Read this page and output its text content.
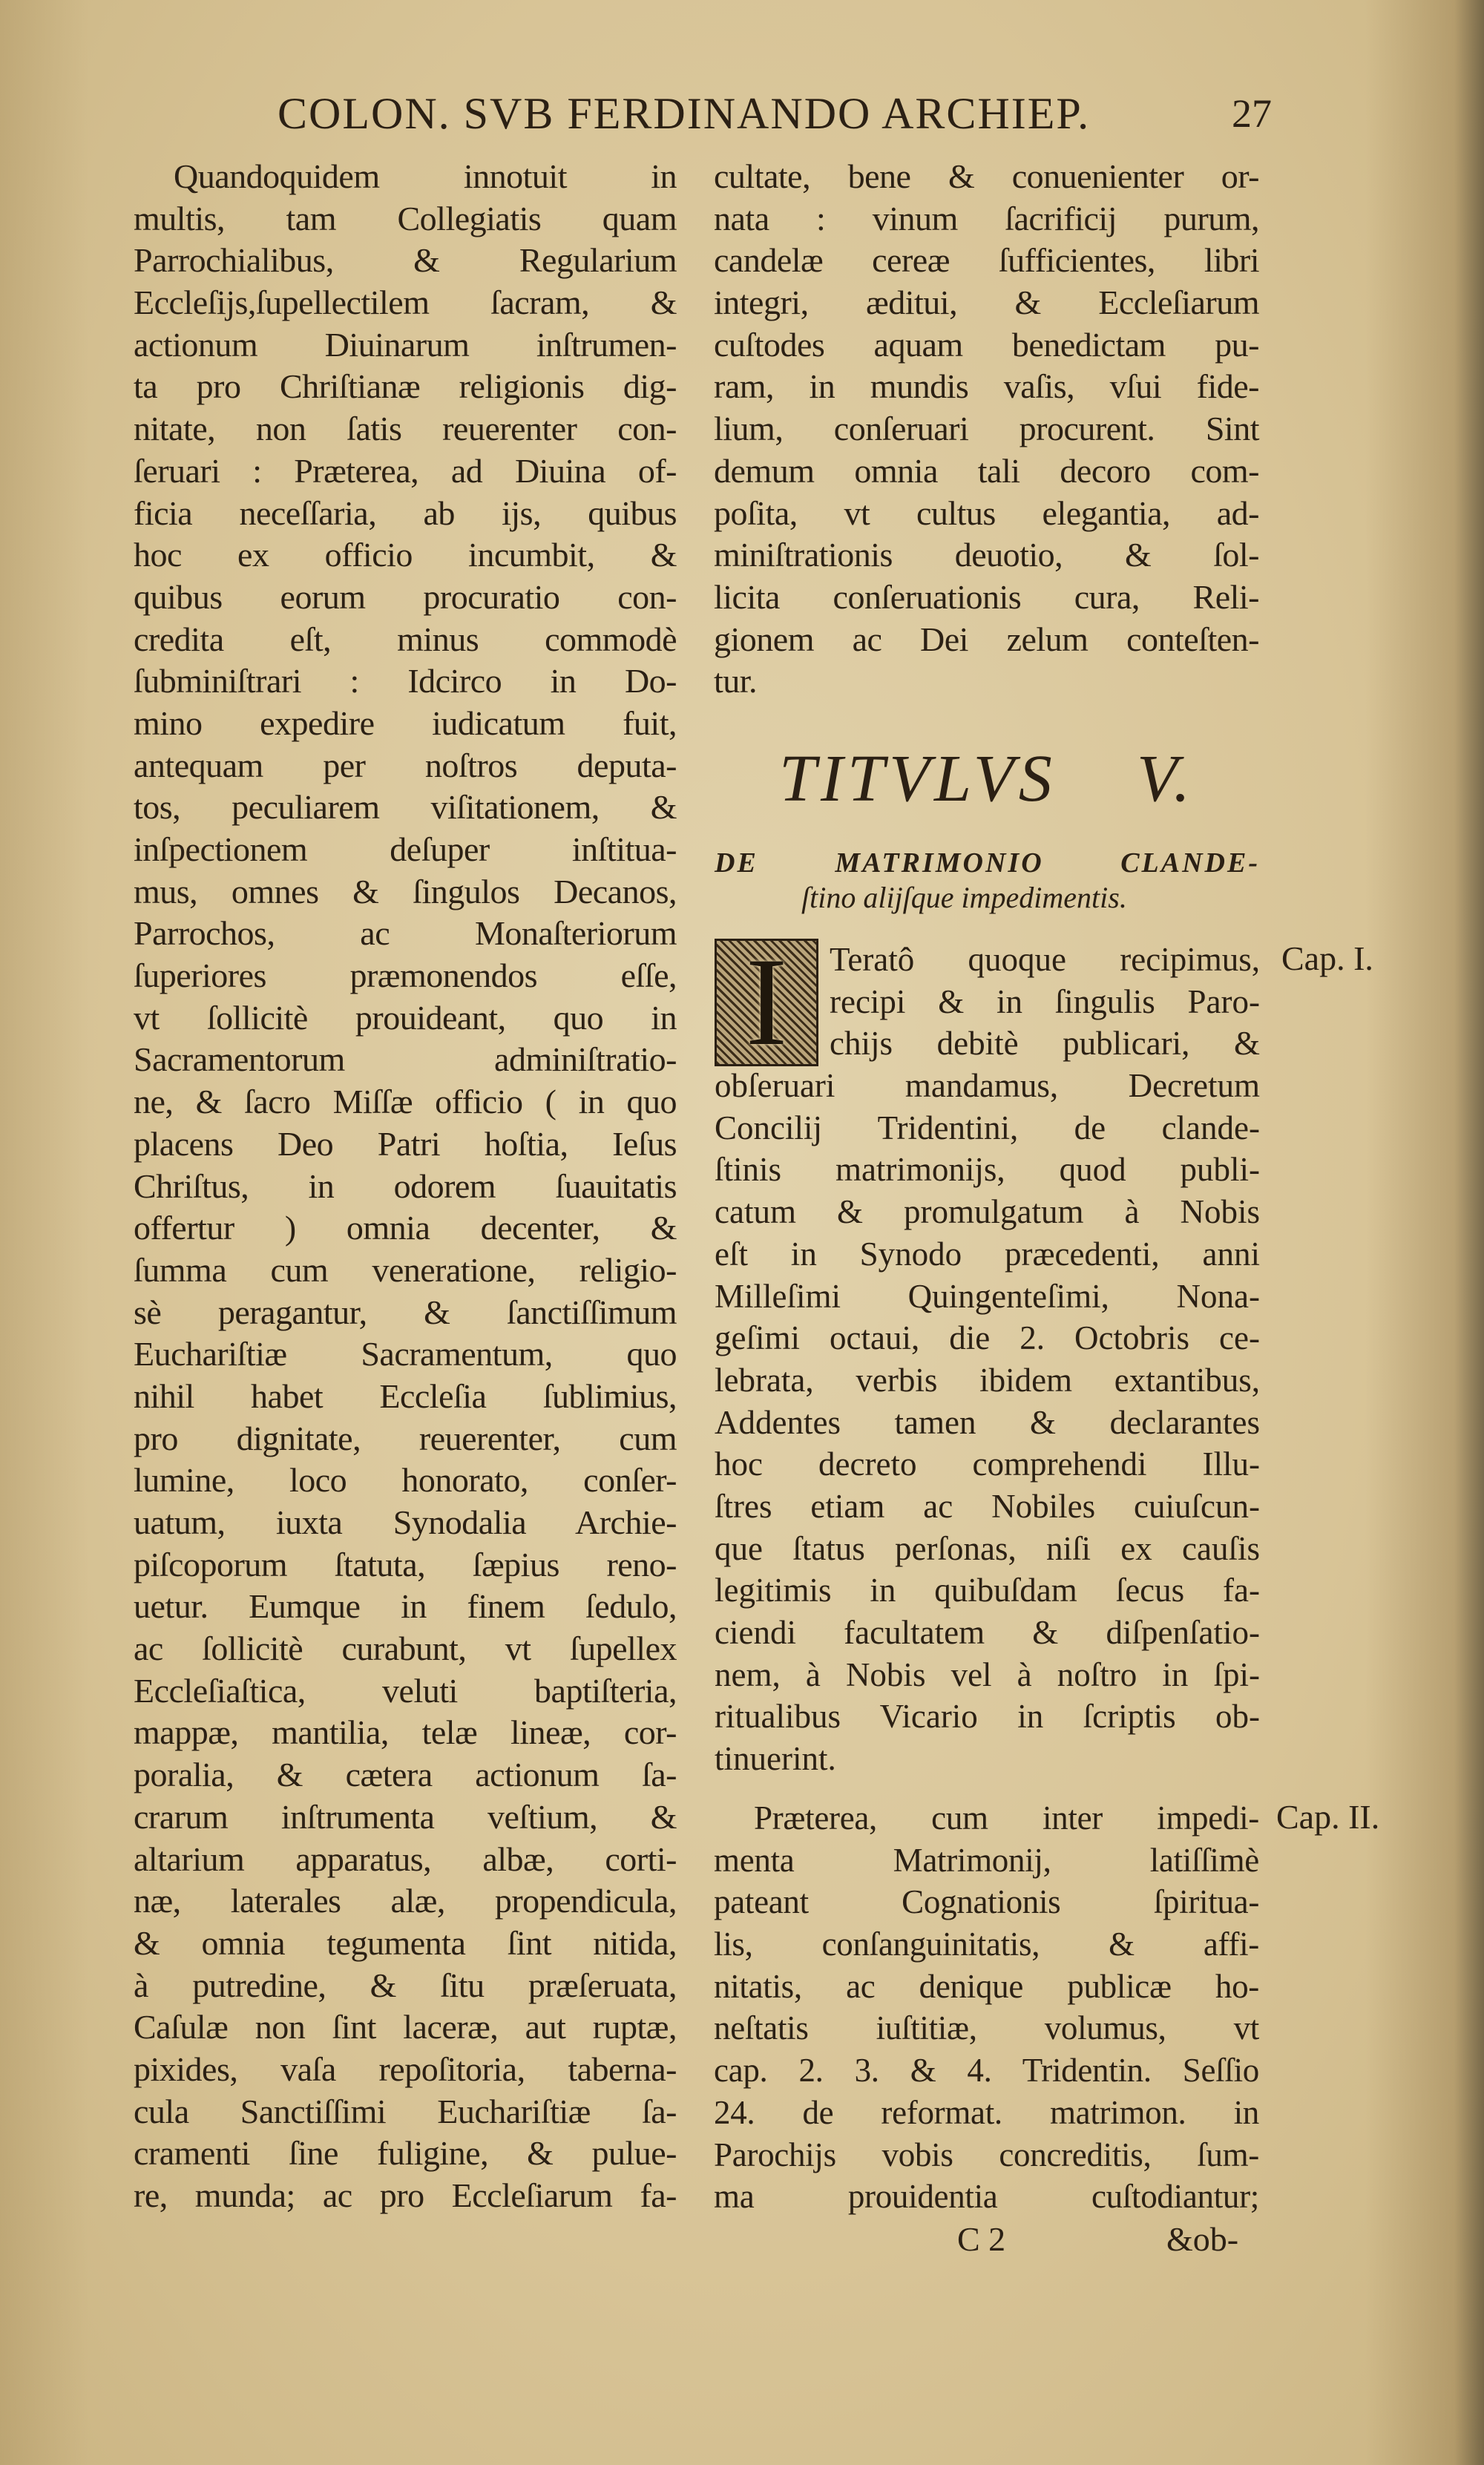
COLON. SVB FERDINANDO ARCHIEP.	27
Quandoquidem innotuit in
multis, tam Collegiatis quam
Parrochialibus, & Regularium
Eccleſijs,ſupellectilem ſacram, &
actionum Diuinarum inſtrumen-
ta pro Chriſtianæ religionis dig-
nitate, non ſatis reuerenter con-
ſeruari : Præterea, ad Diuina of-
ficia neceſſaria, ab ijs, quibus
hoc ex officio incumbit, &
quibus eorum procuratio con-
credita eſt, minus commodè
ſubminiſtrari : Idcirco in Do-
mino expedire iudicatum fuit,
antequam per noſtros deputa-
tos, peculiarem viſitationem, &
inſpectionem deſuper inſtitua-
mus, omnes & ſingulos Decanos,
Parrochos, ac Monaſteriorum
ſuperiores præmonendos eſſe,
vt ſollicitè prouideant, quo in
Sacramentorum adminiſtratio-
ne, & ſacro Miſſæ officio ( in quo
placens Deo Patri hoſtia, Ieſus
Chriſtus, in odorem ſuauitatis
offertur ) omnia decenter, &
ſumma cum veneratione, religio-
sè peragantur, & ſanctiſſimum
Euchariſtiæ Sacramentum, quo
nihil habet Eccleſia ſublimius,
pro dignitate, reuerenter, cum
lumine, loco honorato, conſer-
uatum, iuxta Synodalia Archie-
piſcoporum ſtatuta, ſæpius reno-
uetur. Eumque in finem ſedulo,
ac ſollicitè curabunt, vt ſupellex
Eccleſiaſtica, veluti baptiſteria,
mappæ, mantilia, telæ lineæ, cor-
poralia, & cætera actionum ſa-
crarum inſtrumenta veſtium, &
altarium apparatus, albæ, corti-
næ, laterales alæ, propendicula,
& omnia tegumenta ſint nitida,
à putredine, & ſitu præſeruata,
Caſulæ non ſint laceræ, aut ruptæ,
pixides, vaſa repoſitoria, taberna-
cula Sanctiſſimi Euchariſtiæ ſa-
cramenti ſine fuligine, & pulue-
re, munda; ac pro Eccleſiarum fa-
cultate, bene & conuenienter or-
nata : vinum ſacrificij purum,
candelæ cereæ ſufficientes, libri
integri, æditui, & Eccleſiarum
cuſtodes aquam benedictam pu-
ram, in mundis vaſis, vſui fide-
lium, conſeruari procurent. Sint
demum omnia tali decoro com-
poſita, vt cultus elegantia, ad-
miniſtrationis deuotio, & ſol-
licita conſeruationis cura, Reli-
gionem ac Dei zelum conteſten-
tur.
TITVLVS V.
DE MATRIMONIO CLANDE-
ſtino alijſque impedimentis.
I	Teratô quoque recipimus,
recipi & in ſingulis Paro-
chijs debitè publicari, &
obſeruari mandamus, Decretum
Concilij Tridentini, de clande-
ſtinis matrimonijs, quod publi-
catum & promulgatum à Nobis
eſt in Synodo præcedenti, anni
Milleſimi Quingenteſimi, Nona-
geſimi octaui, die 2. Octobris ce-
lebrata, verbis ibidem extantibus,
Addentes tamen & declarantes
hoc decreto comprehendi Illu-
ſtres etiam ac Nobiles cuiuſcun-
que ſtatus perſonas, niſi ex cauſis
legitimis in quibuſdam ſecus fa-
ciendi facultatem & diſpenſatio-
nem, à Nobis vel à noſtro in ſpi-
ritualibus Vicario in ſcriptis ob-
tinuerint.
Cap. I.
Præterea, cum inter impedi-
menta Matrimonij, latiſſimè
pateant Cognationis ſpiritua-
lis, conſanguinitatis, & affi-
nitatis, ac denique publicæ ho-
neſtatis iuſtitiæ, volumus, vt
cap. 2. 3. & 4. Tridentin. Seſſio
24. de reformat. matrimon. in
Parochijs vobis concreditis, ſum-
ma prouidentia cuſtodiantur;
Cap. II.
C 2	&ob-
